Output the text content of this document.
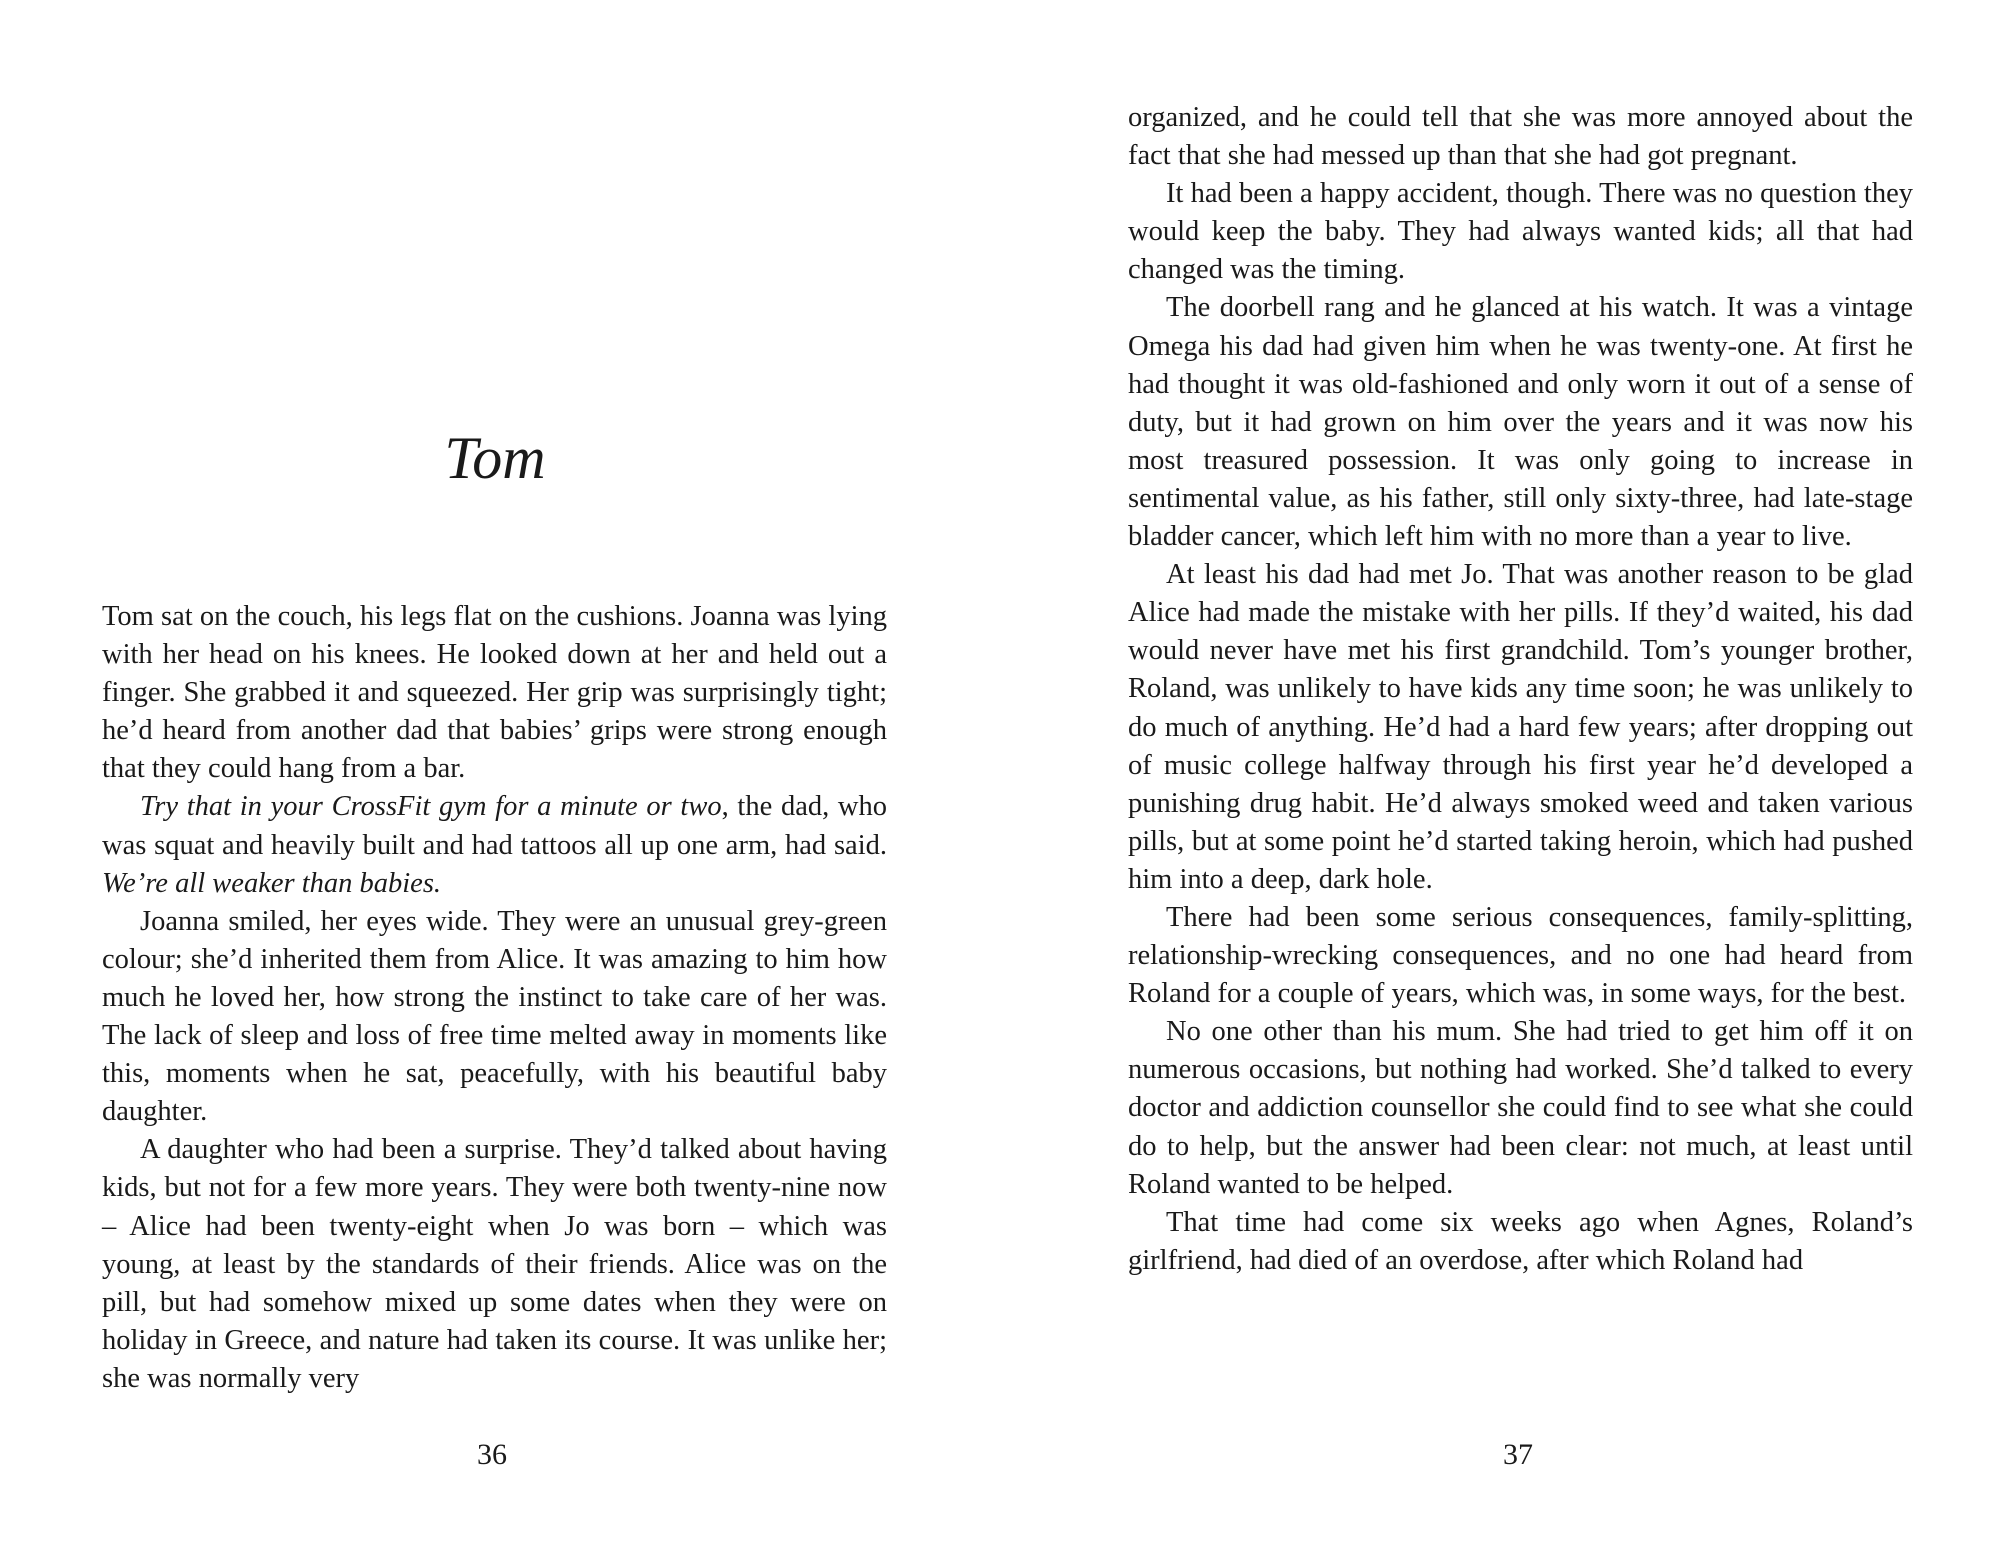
Tom

Tom sat on the couch, his legs flat on the cushions. Joanna was lying with her head on his knees. He looked down at her and held out a finger. She grabbed it and squeezed. Her grip was surprisingly tight; he’d heard from another dad that babies’ grips were strong enough that they could hang from a bar.

Try that in your CrossFit gym for a minute or two, the dad, who was squat and heavily built and had tattoos all up one arm, had said. We’re all weaker than babies.

Joanna smiled, her eyes wide. They were an unusual grey-green colour; she’d inherited them from Alice. It was amazing to him how much he loved her, how strong the instinct to take care of her was. The lack of sleep and loss of free time melted away in moments like this, moments when he sat, peacefully, with his beautiful baby daughter.

A daughter who had been a surprise. They’d talked about having kids, but not for a few more years. They were both twenty-nine now – Alice had been twenty-eight when Jo was born – which was young, at least by the standards of their friends. Alice was on the pill, but had somehow mixed up some dates when they were on holiday in Greece, and nature had taken its course. It was unlike her; she was normally very

36

organized, and he could tell that she was more annoyed about the fact that she had messed up than that she had got pregnant.

It had been a happy accident, though. There was no question they would keep the baby. They had always wanted kids; all that had changed was the timing.

The doorbell rang and he glanced at his watch. It was a vintage Omega his dad had given him when he was twenty-one. At first he had thought it was old-fashioned and only worn it out of a sense of duty, but it had grown on him over the years and it was now his most treasured possession. It was only going to increase in sentimental value, as his father, still only sixty-three, had late-stage bladder cancer, which left him with no more than a year to live.

At least his dad had met Jo. That was another reason to be glad Alice had made the mistake with her pills. If they’d waited, his dad would never have met his first grandchild. Tom’s younger brother, Roland, was unlikely to have kids any time soon; he was unlikely to do much of anything. He’d had a hard few years; after dropping out of music college halfway through his first year he’d developed a punishing drug habit. He’d always smoked weed and taken various pills, but at some point he’d started taking heroin, which had pushed him into a deep, dark hole.

There had been some serious consequences, family-splitting, relationship-wrecking consequences, and no one had heard from Roland for a couple of years, which was, in some ways, for the best.

No one other than his mum. She had tried to get him off it on numerous occasions, but nothing had worked. She’d talked to every doctor and addiction counsellor she could find to see what she could do to help, but the answer had been clear: not much, at least until Roland wanted to be helped.

That time had come six weeks ago when Agnes, Roland’s girlfriend, had died of an overdose, after which Roland had

37
